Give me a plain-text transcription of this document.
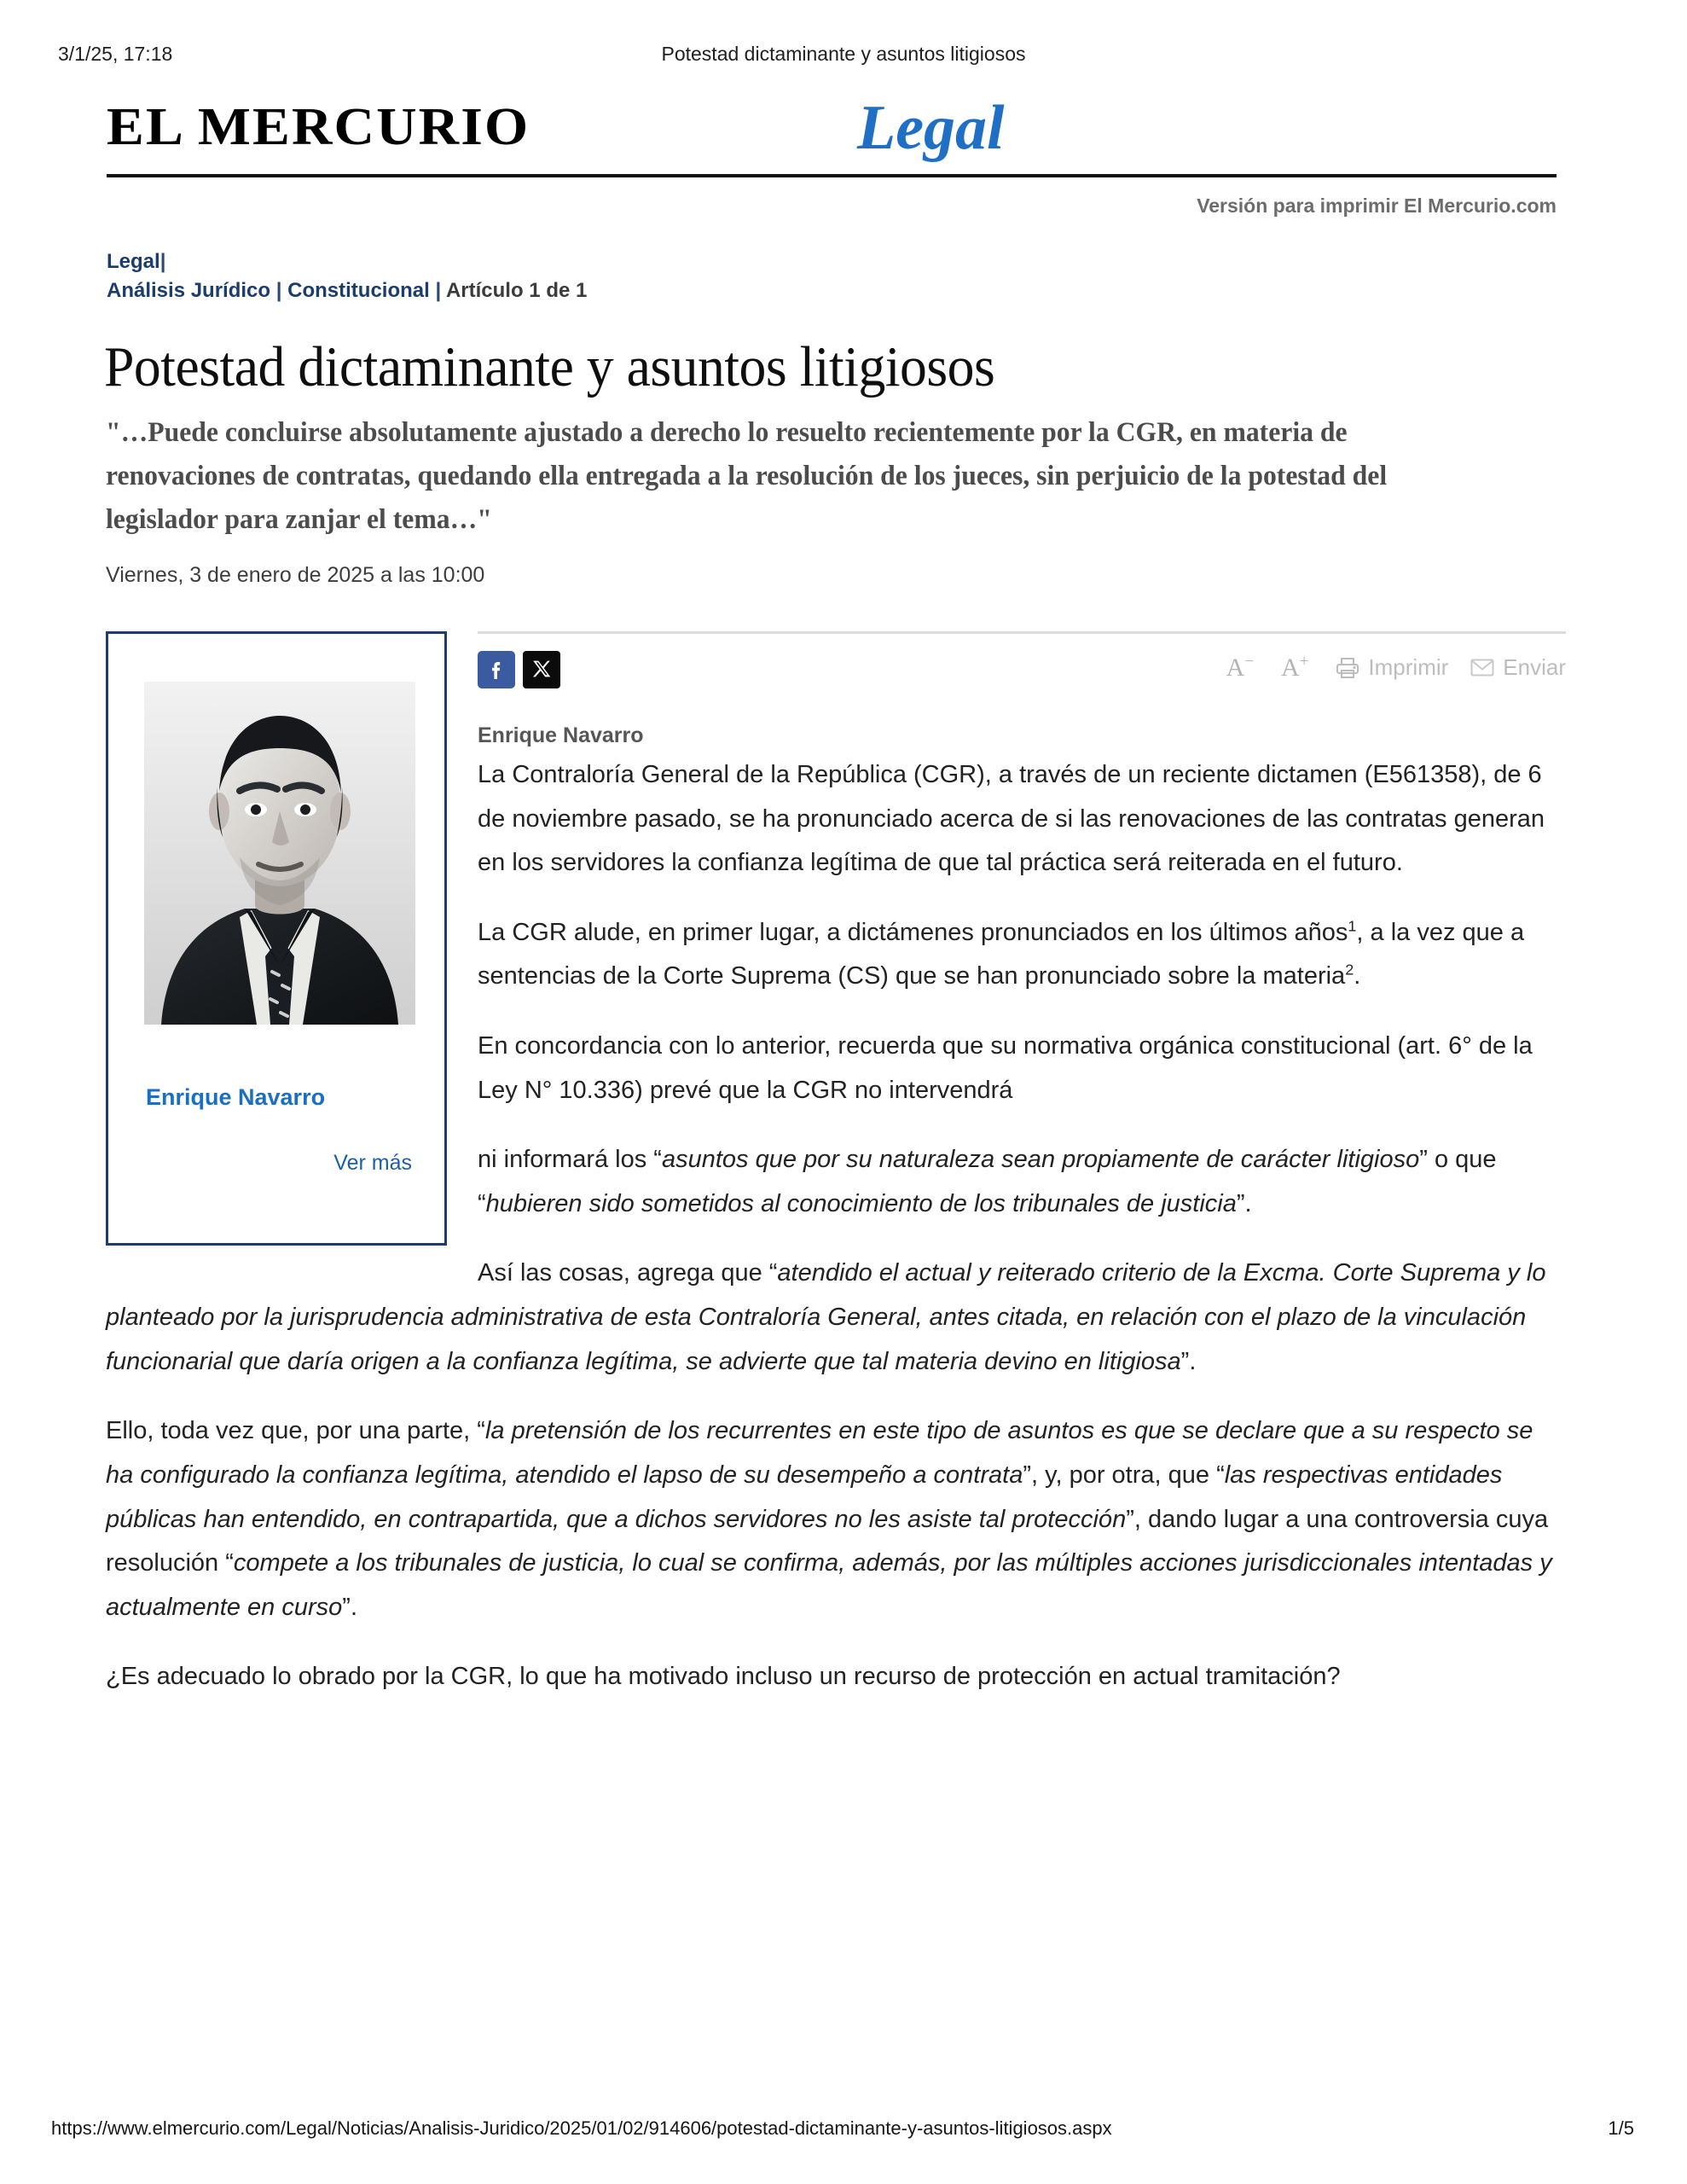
3/1/25, 17:18	Potestad dictaminante y asuntos litigiosos
EL MERCURIO	Legal
Versión para imprimir El Mercurio.com
Legal|
Análisis Jurídico | Constitucional | Artículo 1 de 1
Potestad dictaminante y asuntos litigiosos
"…Puede concluirse absolutamente ajustado a derecho lo resuelto recientemente por la CGR, en materia de renovaciones de contratas, quedando ella entregada a la resolución de los jueces, sin perjuicio de la potestad del legislador para zanjar el tema…"
Viernes, 3 de enero de 2025 a las 10:00
Enrique Navarro
Ver más
A− A+	Imprimir Enviar
Enrique Navarro

La Contraloría General de la República (CGR), a través de un reciente dictamen (E561358), de 6 de noviembre pasado, se ha pronunciado acerca de si las renovaciones de las contratas generan en los servidores la confianza legítima de que tal práctica será reiterada en el futuro.

La CGR alude, en primer lugar, a dictámenes pronunciados en los últimos años$^1$, a la vez que a sentencias de la Corte Suprema (CS) que se han pronunciado sobre la materia$^2$.

En concordancia con lo anterior, recuerda que su normativa orgánica constitucional (art. 6° de la Ley N° 10.336) prevé que la CGR no intervendrá

ni informará los “asuntos que por su naturaleza sean propiamente de carácter litigioso” o que “hubieren sido sometidos al conocimiento de los tribunales de justicia”.

Así las cosas, agrega que “atendido el actual y reiterado criterio de la Excma. Corte Suprema y lo planteado por la jurisprudencia administrativa de esta Contraloría General, antes citada, en relación con el plazo de la vinculación funcionarial que daría origen a la confianza legítima, se advierte que tal materia devino en litigiosa”.

Ello, toda vez que, por una parte, “la pretensión de los recurrentes en este tipo de asuntos es que se declare que a su respecto se ha configurado la confianza legítima, atendido el lapso de su desempeño a contrata”, y, por otra, que “las respectivas entidades públicas han entendido, en contrapartida, que a dichos servidores no les asiste tal protección”, dando lugar a una controversia cuya resolución “compete a los tribunales de justicia, lo cual se confirma, además, por las múltiples acciones jurisdiccionales intentadas y actualmente en curso”.

¿Es adecuado lo obrado por la CGR, lo que ha motivado incluso un recurso de protección en actual tramitación?

https://www.elmercurio.com/Legal/Noticias/Analisis-Juridico/2025/01/02/914606/potestad-dictaminante-y-asuntos-litigiosos.aspx	1/5
